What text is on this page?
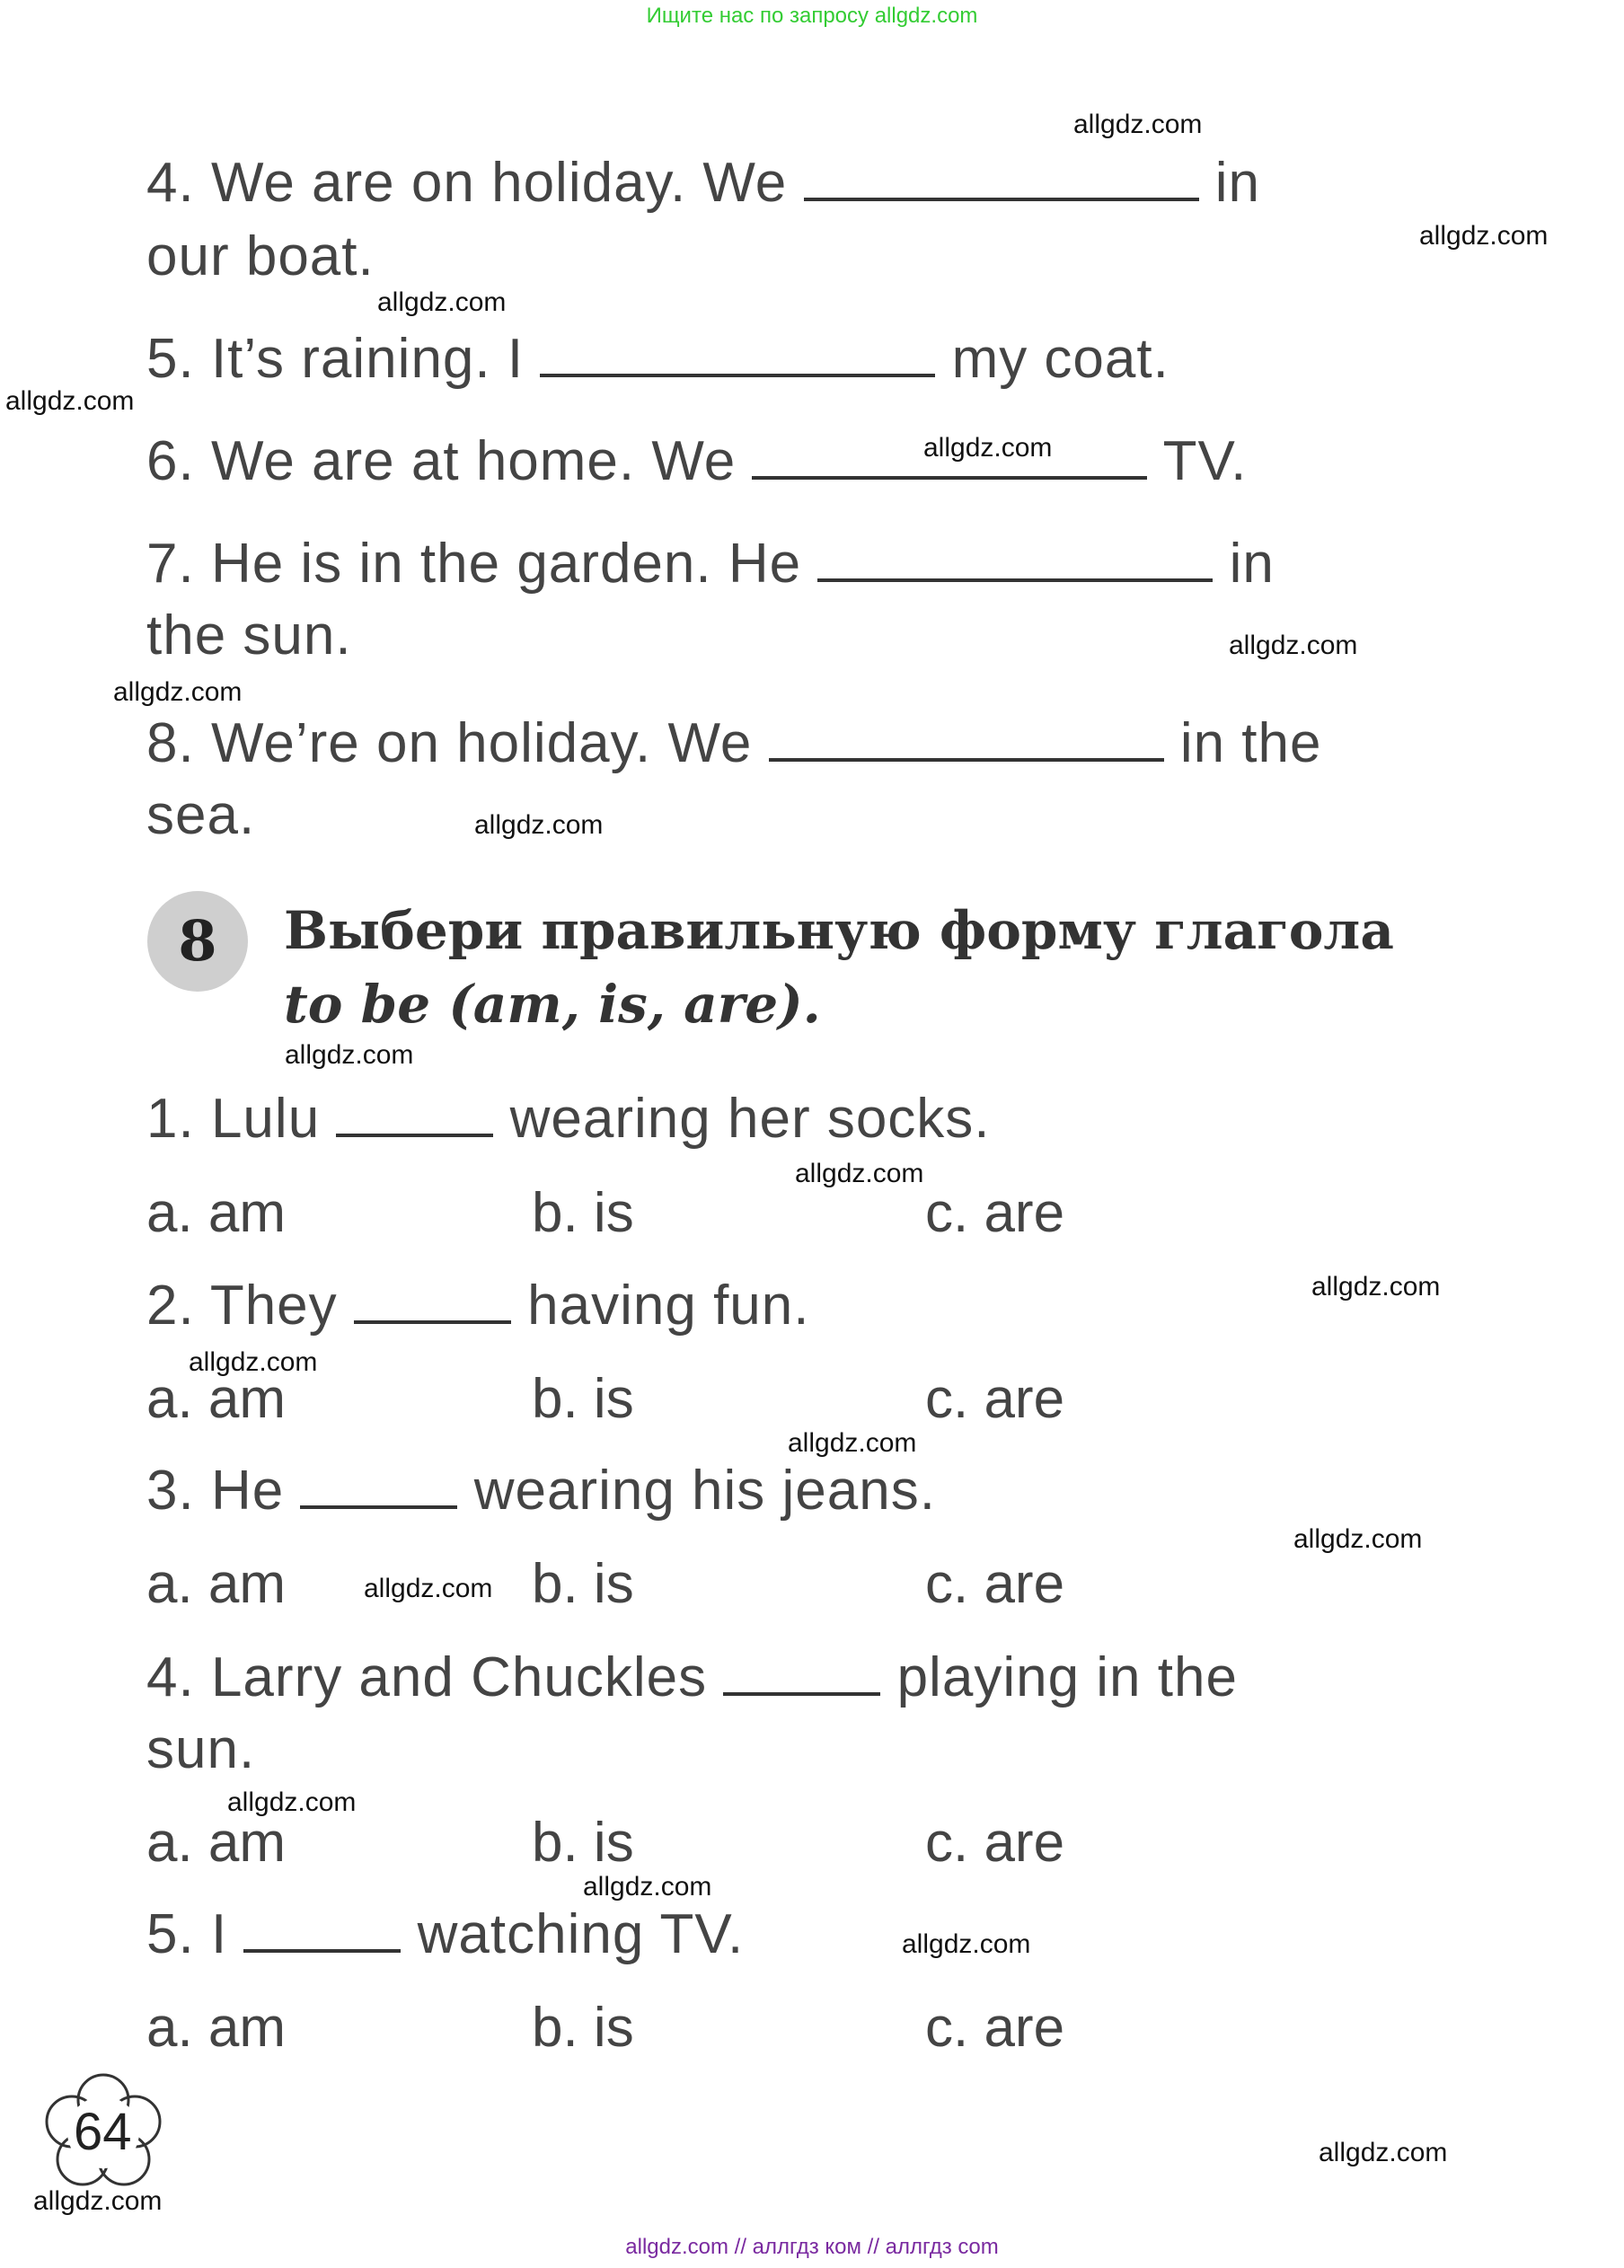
Ищите нас по запросу allgdz.com
4. We are on holiday. We	in
our boat.
5. It’s raining. I	my coat.
6. We are at home. We	TV.
7. He is in the garden. He	in
the sun.
8. We’re on holiday. We	in the
sea.
8	Выбери правильную форму глагола
to be (am, is, are).
1. Lulu	wearing her socks.
a. am	b. is	c. are
2. They	having fun.
a. am	b. is	c. are
3. He	wearing his jeans.
a. am	b. is	c. are
4. Larry and Chuckles	playing in the
sun.
a. am	b. is	c. are
5. I	watching TV.
a. am	b. is	c. are
64
allgdz.com
allgdz.com
allgdz.com
allgdz.com
allgdz.com
allgdz.com
allgdz.com
allgdz.com
allgdz.com
allgdz.com
allgdz.com
allgdz.com
allgdz.com
allgdz.com
allgdz.com
allgdz.com
allgdz.com
allgdz.com
allgdz.com
allgdz.com
allgdz.com // аллгдз ком // аллгдз com
